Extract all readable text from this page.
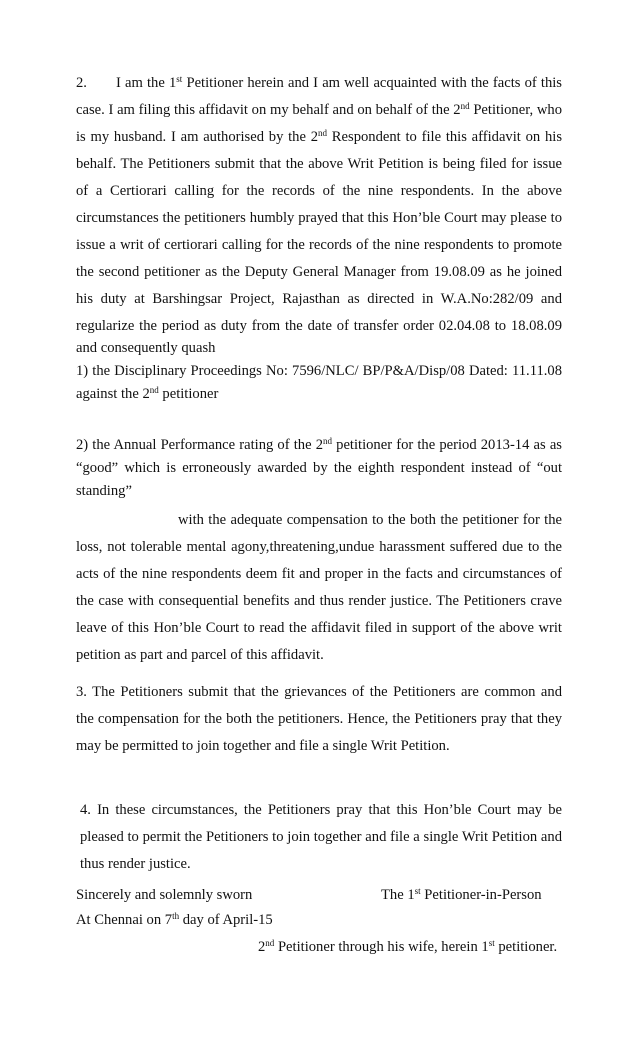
2. I am the 1st Petitioner herein and I am well acquainted with the facts of this
case. I am filing this affidavit on my behalf and on behalf of the 2nd Petitioner, who
is my husband. I am authorised by the 2nd Respondent to file this affidavit on his
behalf. The Petitioners submit that the above Writ Petition is being filed for issue
of a Certiorari calling for the records of the nine respondents. In the above
circumstances the petitioners humbly prayed that this Hon’ble Court may please to
issue a writ of certiorari calling for the records of the nine respondents to promote
the second petitioner as the Deputy General Manager from 19.08.09 as he joined
his duty at Barshingsar Project, Rajasthan as directed in W.A.No:282/09 and
regularize the period as duty from the date of transfer order 02.04.08 to 18.08.09
and consequently quash
1) the Disciplinary Proceedings No: 7596/NLC/ BP/P&A/Disp/08 Dated: 11.11.08
against the 2nd petitioner
2) the Annual Performance rating of the 2nd petitioner for the period 2013-14 as as
“good” which is erroneously awarded by the eighth respondent instead of “out
standing”
with the adequate compensation to the both the petitioner for the
loss, not tolerable mental agony,threatening,undue harassment suffered due to the
acts of the nine respondents deem fit and proper in the facts and circumstances of
the case with consequential benefits and thus render justice. The Petitioners crave
leave of this Hon’ble Court to read the affidavit filed in support of the above writ
petition as part and parcel of this affidavit.
3. The Petitioners submit that the grievances of the Petitioners are common and
the compensation for the both the petitioners. Hence, the Petitioners pray that they
may be permitted to join together and file a single Writ Petition.
4. In these circumstances, the Petitioners pray that this Hon’ble Court may be
pleased to permit the Petitioners to join together and file a single Writ Petition and
thus render justice.
Sincerely and solemnly sworn	The 1st Petitioner-in-Person
At Chennai on 7th day of April-15
2nd Petitioner through his wife, herein 1st petitioner.
